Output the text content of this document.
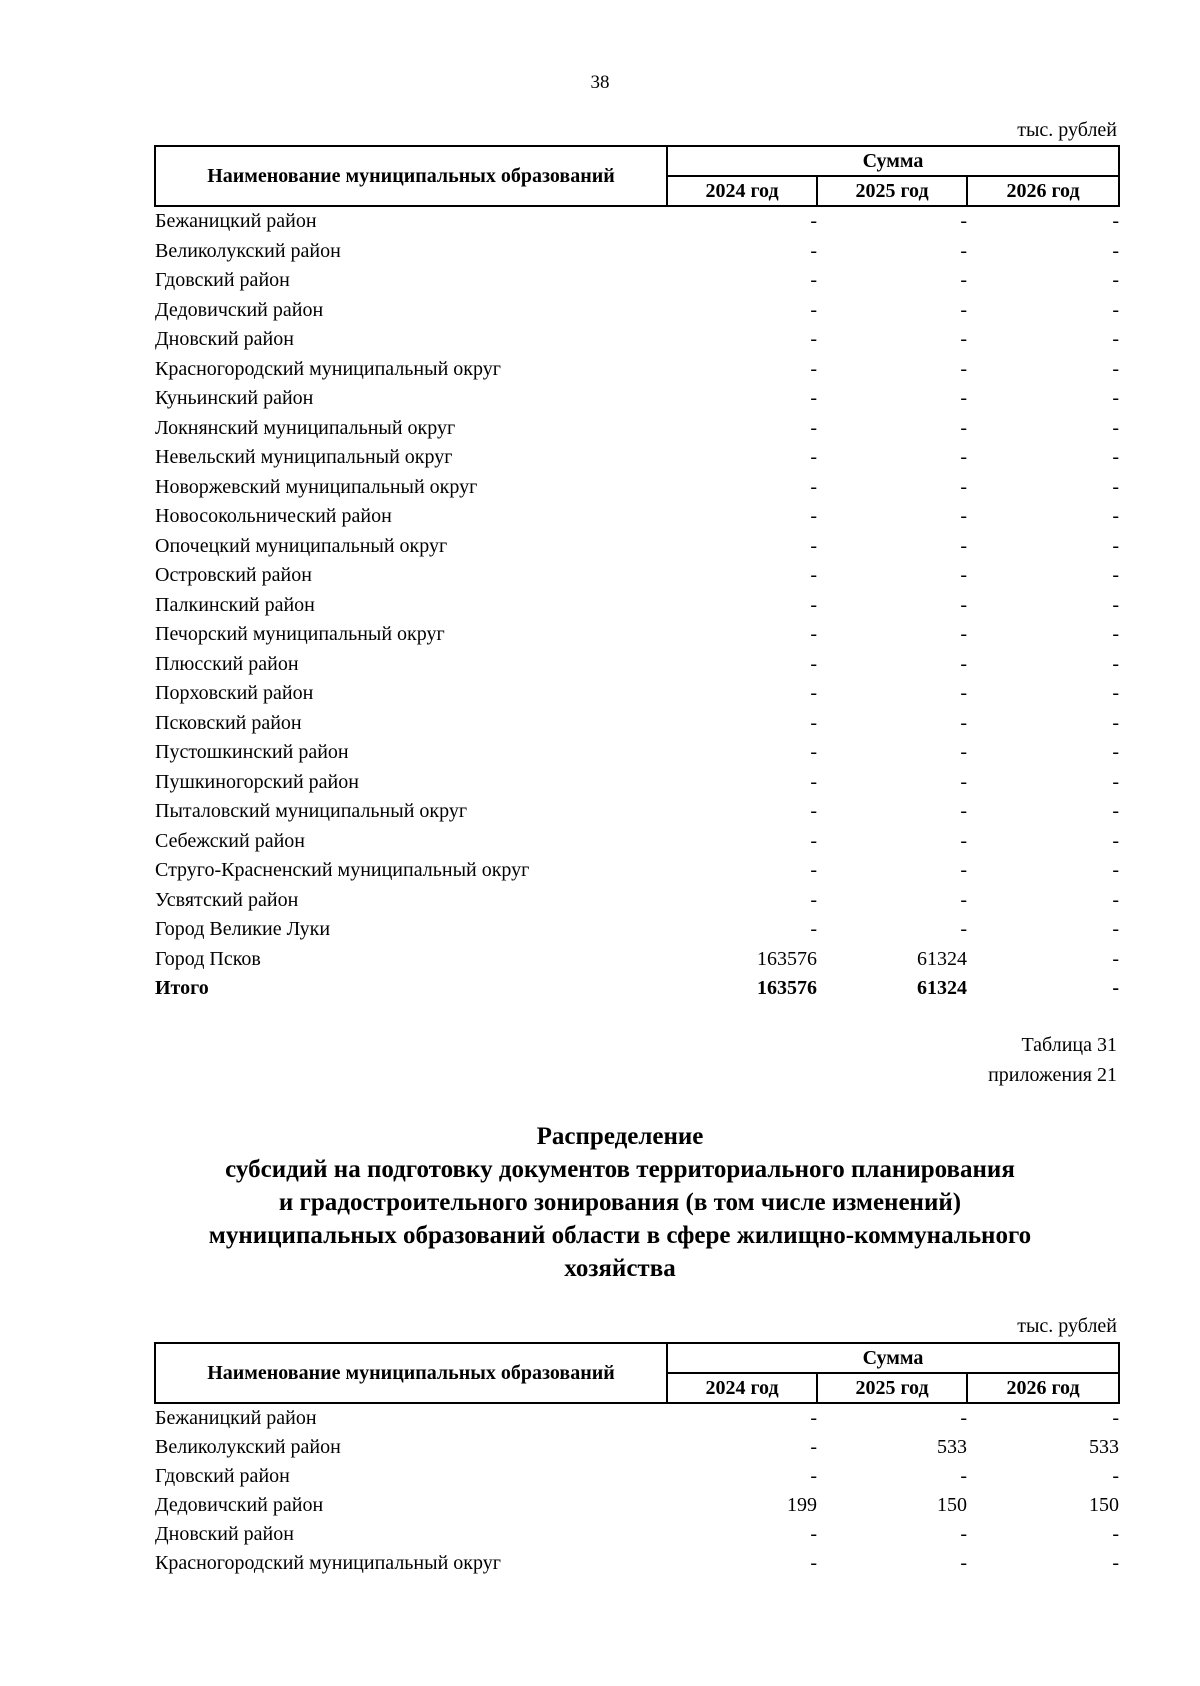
38
тыс. рублей
Наименование муниципальных образований	Сумма		
	2024 год	2025 год	2026 год
Бежаницкий район	-	-	-
Великолукский район	-	-	-
Гдовский район	-	-	-
Дедовичский район	-	-	-
Дновский район	-	-	-
Красногородский муниципальный округ	-	-	-
Куньинский район	-	-	-
Локнянский муниципальный округ	-	-	-
Невельский муниципальный округ	-	-	-
Новоржевский муниципальный округ	-	-	-
Новосокольнический район	-	-	-
Опочецкий муниципальный округ	-	-	-
Островский район	-	-	-
Палкинский район	-	-	-
Печорский муниципальный округ	-	-	-
Плюсский район	-	-	-
Порховский район	-	-	-
Псковский район	-	-	-
Пустошкинский район	-	-	-
Пушкиногорский район	-	-	-
Пыталовский муниципальный округ	-	-	-
Себежский район	-	-	-
Струго-Красненский муниципальный округ	-	-	-
Усвятский район	-	-	-
Город Великие Луки	-	-	-
Город Псков	163576	61324	-
Итого	163576	61324	-
Таблица 31
приложения 21
Распределение
субсидий на подготовку документов территориального планирования
и градостроительного зонирования (в том числе изменений)
муниципальных образований области в сфере жилищно-коммунального
хозяйства
тыс. рублей
Наименование муниципальных образований	Сумма		
	2024 год	2025 год	2026 год
Бежаницкий район	-	-	-
Великолукский район	-	533	533
Гдовский район	-	-	-
Дедовичский район	199	150	150
Дновский район	-	-	-
Красногородский муниципальный округ	-	-	-
